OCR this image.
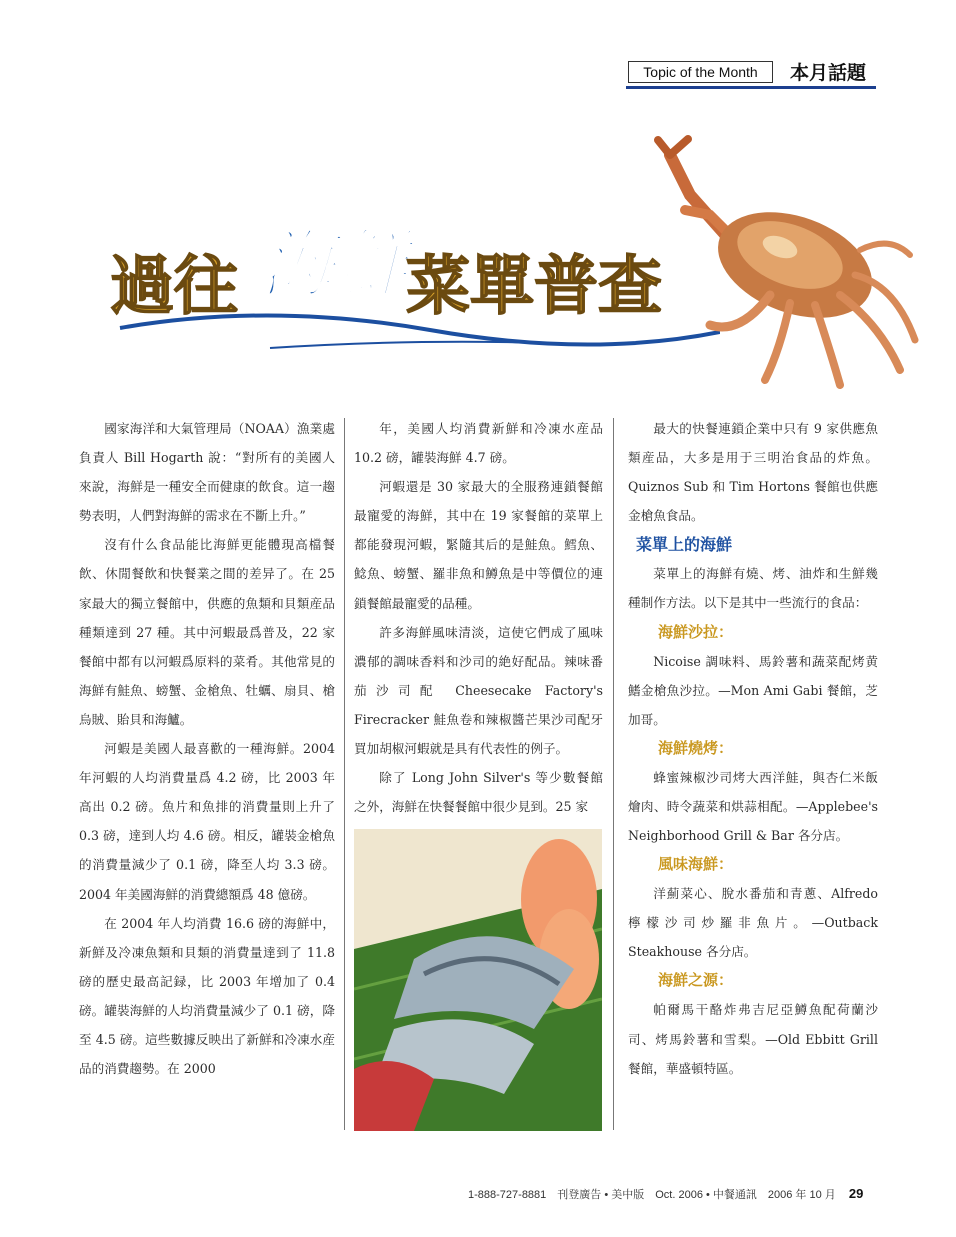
Topic of the Month	本月話題
過往 海鮮
菜單普查

國家海洋和大氣管理局（NOAA）漁業處負責人 Bill Hogarth 說：“對所有的美國人來說，海鮮是一種安全而健康的飲食。這一趨勢表明，人們對海鮮的需求在不斷上升。”

沒有什么食品能比海鮮更能體現高檔餐飲、休閒餐飲和快餐業之間的差异了。在 25 家最大的獨立餐館中，供應的魚類和貝類産品種類達到 27 種。其中河蝦最爲普及，22 家餐館中都有以河蝦爲原料的菜肴。其他常見的海鮮有鮭魚、螃蟹、金槍魚、牡蠣、扇貝、槍烏賊、貽貝和海鱸。

河蝦是美國人最喜歡的一種海鮮。2004 年河蝦的人均消費量爲 4.2 磅，比 2003 年高出 0.2 磅。魚片和魚排的消費量則上升了 0.3 磅，達到人均 4.6 磅。相反，罐裝金槍魚的消費量減少了 0.1 磅，降至人均 3.3 磅。2004 年美國海鮮的消費總額爲 48 億磅。

在 2004 年人均消費 16.6 磅的海鮮中，新鮮及冷凍魚類和貝類的消費量達到了 11.8 磅的歷史最高記録，比 2003 年增加了 0.4 磅。罐裝海鮮的人均消費量減少了 0.1 磅，降至 4.5 磅。這些數據反映出了新鮮和冷凍水産品的消費趨勢。在 2000

年，美國人均消費新鮮和冷凍水産品 10.2 磅，罐裝海鮮 4.7 磅。

河蝦還是 30 家最大的全服務連鎖餐館最寵愛的海鮮，其中在 19 家餐館的菜單上都能發現河蝦，緊隨其后的是鮭魚。鱈魚、鯰魚、螃蟹、羅非魚和鱒魚是中等價位的連鎖餐館最寵愛的品種。

許多海鮮風味清淡，這使它們成了風味濃郁的調味香料和沙司的絶好配品。辣味番茄沙司配 Cheesecake Factory's Firecracker 鮭魚卷和辣椒醬芒果沙司配牙買加胡椒河蝦就是具有代表性的例子。

除了 Long John Silver's 等少數餐館之外，海鮮在快餐餐館中很少見到。25 家

最大的快餐連鎖企業中只有 9 家供應魚類産品，大多是用于三明治食品的炸魚。Quiznos Sub 和 Tim Hortons 餐館也供應金槍魚食品。

菜單上的海鮮

菜單上的海鮮有燒、烤、油炸和生鮮幾種制作方法。以下是其中一些流行的食品：

海鮮沙拉：

Nicoise 調味料、馬鈴薯和蔬菜配烤黄鰭金槍魚沙拉。—Mon Ami Gabi 餐館，芝加哥。

海鮮燒烤：

蜂蜜辣椒沙司烤大西洋鮭，與杏仁米飯燴肉、時令蔬菜和烘蒜相配。—Applebee's Neighborhood Grill & Bar 各分店。

風味海鮮：

洋薊菜心、脫水番茄和青蔥、Alfredo 檸檬沙司炒羅非魚片。—Outback Steakhouse 各分店。

海鮮之源：

帕爾馬干酪炸弗吉尼亞鱒魚配荷蘭沙司、烤馬鈴薯和雪梨。—Old Ebbitt Grill 餐館，華盛頓特區。

1-888-727-8881　刊登廣告 • 美中版　Oct. 2006 • 中餐通訊　2006 年 10 月 29
